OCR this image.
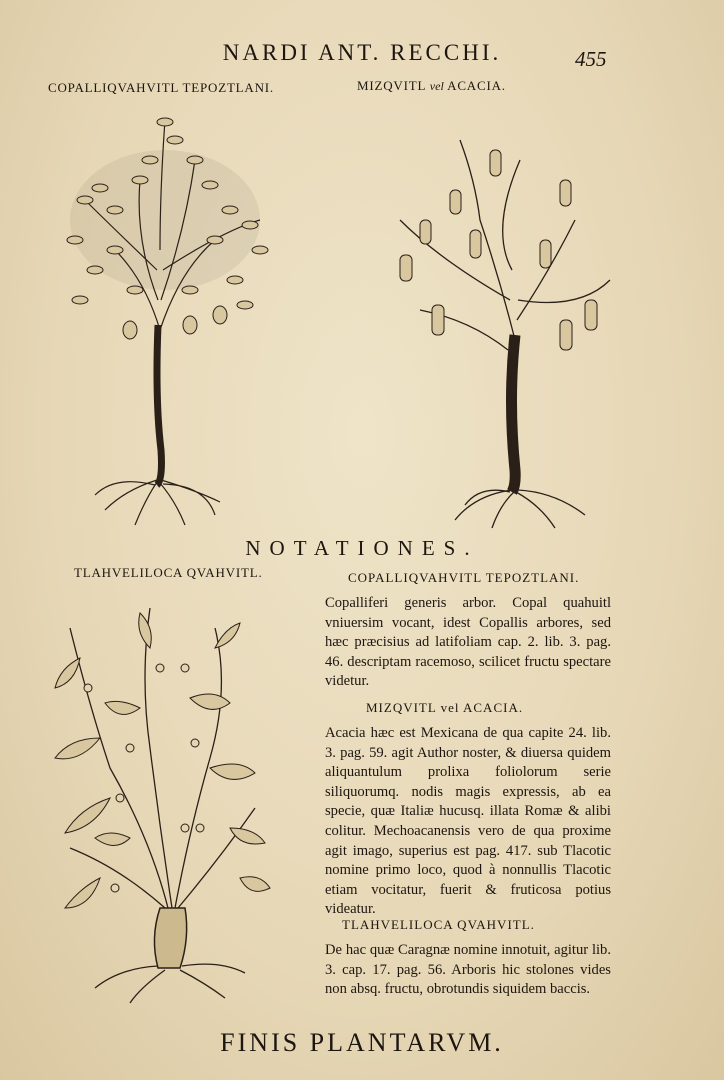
NARDI ANT. RECCHI.	455
COPALLIQVAHVITL TEPOZTLANI.	MIZQVITL vel ACACIA.
NOTATIONES.
TLAHVELILOCA QVAHVITL.	COPALLIQVAHVITL TEPOZTLANI.

Copalliferi generis arbor. Copal quahuitl vniuersim vocant, idest Copallis arbores, sed hæc præcisius ad latifoliam cap. 2. lib. 3. pag. 46. descriptam racemoso, scilicet fructu spectare videtur.

MIZQVITL vel ACACIA.

Acacia hæc est Mexicana de qua capite 24. lib. 3. pag. 59. agit Author noster, & diuersa quidem aliquantulum prolixa foliolorum serie siliquorumq. nodis magis expressis, ab ea specie, quæ Italiæ hucusq. illata Romæ & alibi colitur. Mechoacanensis vero de qua proxime agit imago, superius est pag. 417. sub Tlacotic nomine primo loco, quod à nonnullis Tlacotic etiam vocitatur, fuerit & fruticosa potius videatur.

TLAHVELILOCA QVAHVITL.

De hac quæ Caragnæ nomine innotuit, agitur lib. 3. cap. 17. pag. 56. Arboris hic stolones vides non absq. fructu, obrotundis siquidem baccis.

FINIS PLANTARVM.
